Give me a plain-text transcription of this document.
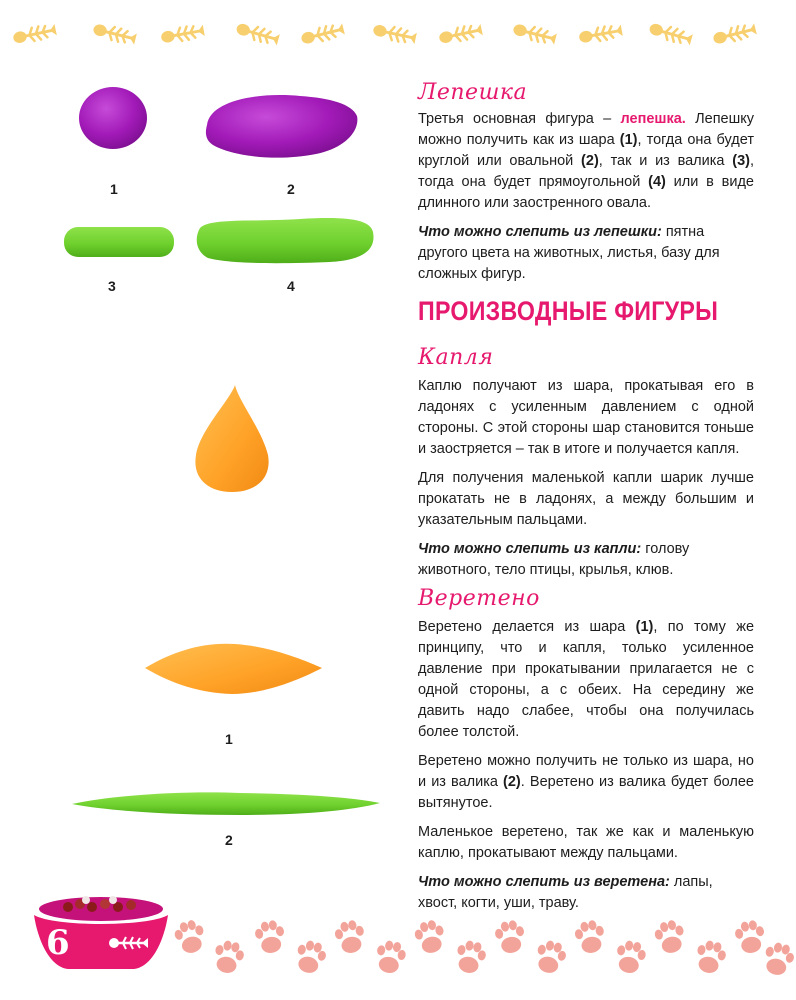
1	2
3	4
1
2
Лепешка

Третья основная фигура – лепешка. Лепешку можно получить как из шара (1), тогда она будет круглой или овальной (2), так и из валика (3), тогда она будет прямоугольной (4) или в виде длинного или заостренного овала.

Что можно слепить из лепешки: пятна другого цвета на животных, листья, базу для сложных фигур.

ПРОИЗВОДНЫЕ ФИГУРЫ
Капля

Каплю получают из шара, прокатывая его в ладонях с усиленным давлением с одной стороны. С этой стороны шар становится тоньше и заостряется – так в итоге и получается капля.

Для получения маленькой капли шарик лучше прокатать не в ладонях, а между большим и указательным пальцами.

Что можно слепить из капли: голову животного, тело птицы, крылья, клюв.

Веретено

Веретено делается из шара (1), по тому же принципу, что и капля, только усиленное давление при прокатывании прилагается не с одной стороны, а с обеих. На середину же давить надо слабее, чтобы она получилась более толстой.

Веретено можно получить не только из шара, но и из валика (2). Веретено из валика будет более вытянутое.

Маленькое веретено, так же как и маленькую каплю, прокатывают между пальцами.

Что можно слепить из веретена: лапы, хвост, когти, уши, траву.

6
